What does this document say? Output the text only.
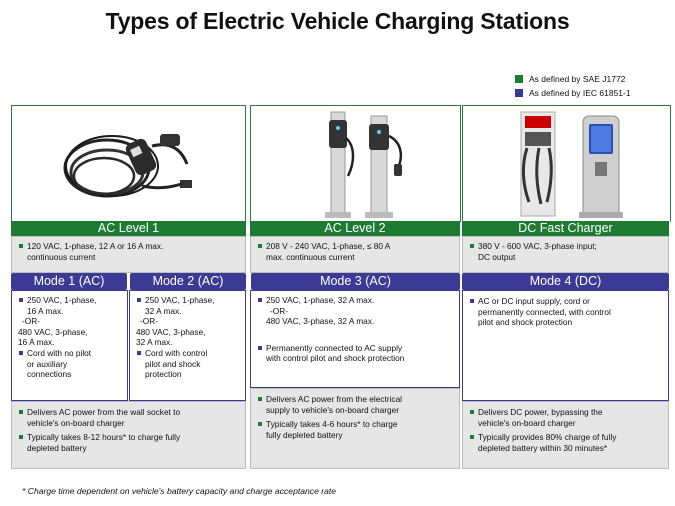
Types of Electric Vehicle Charging Stations
As defined by SAE J1772
As defined by IEC 61851-1
AC Level 1
120 VAC, 1-phase, 12 A or 16 A max.
continuous current
Mode 1 (AC)
250 VAC, 1-phase,
16 A max.
-OR-
480 VAC, 3-phase,
16 A max.
Cord with no pilot
or auxiliary
connections
Mode 2 (AC)
250 VAC, 1-phase,
32 A max.
-OR-
480 VAC, 3-phase,
32 A max.
Cord with control
pilot and shock
protection
Delivers AC power from the wall socket to
vehicle's on-board charger
Typically takes 8-12 hours* to charge fully
depleted battery
AC Level 2
208 V - 240 VAC, 1-phase, ≤ 80 A
max. continuous current
Mode 3 (AC)
250 VAC, 1-phase, 32 A max.
-OR-
480 VAC, 3-phase, 32 A max.
Permanently connected to AC supply
with control pilot and shock protection
Delivers AC power from the electrical
supply to vehicle's on-board charger
Typically takes 4-6 hours* to charge
fully depleted battery
DC Fast Charger
380 V - 600 VAC, 3-phase input;
DC output
Mode 4 (DC)
AC or DC input supply, cord or
permanently connected, with control
pilot and shock protection
Delivers DC power, bypassing the
vehicle's on-board charger
Typically provides 80% charge of fully
depleted battery within 30 minutes*
* Charge time dependent on vehicle's battery capacity and charge acceptance rate
